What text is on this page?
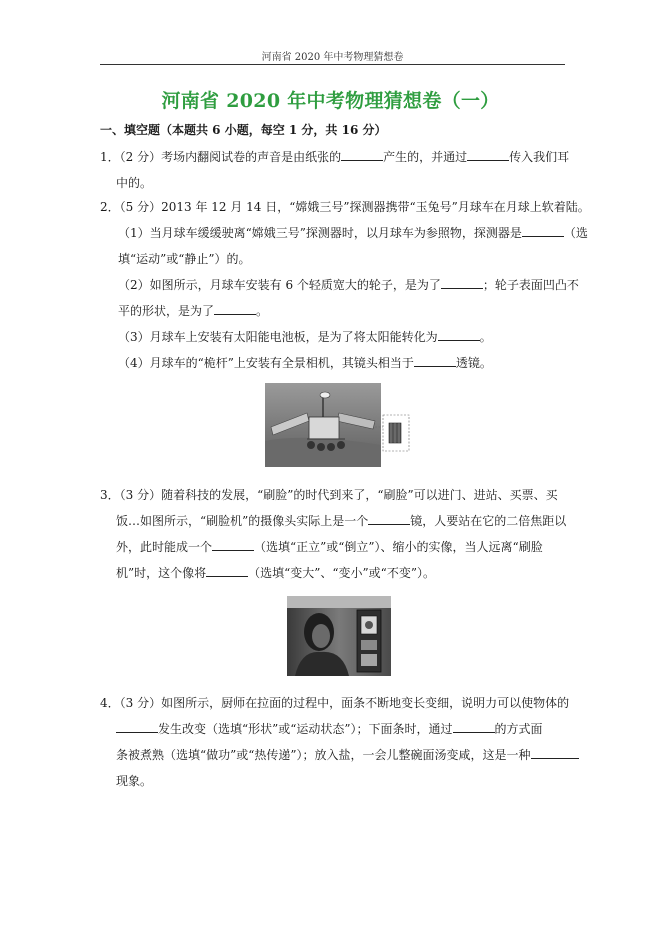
河南省 2020 年中考物理猜想卷
河南省 2020 年中考物理猜想卷（一）
一、填空题（本题共 6 小题，每空 1 分，共 16 分）
1．（2 分）考场内翻阅试卷的声音是由纸张的	产生的，并通过	传入我们耳
中的。
2．（5 分）2013 年 12 月 14 日，“嫦娥三号”探测器携带“玉兔号”月球车在月球上软着陆。
（1）当月球车缓缓驶离“嫦娥三号”探测器时，以月球车为参照物，探测器是	（选
填“运动”或“静止”）的。
（2）如图所示，月球车安装有 6 个轻质宽大的轮子，是为了	；轮子表面凹凸不
平的形状，是为了	。
（3）月球车上安装有太阳能电池板，是为了将太阳能转化为	。
（4）月球车的“桅杆”上安装有全景相机，其镜头相当于	透镜。
3．（3 分）随着科技的发展，“刷脸”的时代到来了，“刷脸”可以进门、进站、买票、买
饭…如图所示，“刷脸机”的摄像头实际上是一个	镜，人要站在它的二倍焦距以
外，此时能成一个	（选填“正立”或“倒立”）、缩小的实像，当人远离“刷脸
机”时，这个像将	（选填“变大”、“变小”或“不变”）。
4．（3 分）如图所示，厨师在拉面的过程中，面条不断地变长变细，说明力可以使物体的
发生改变（选填“形状”或“运动状态”）；下面条时，通过	的方式面
条被煮熟（选填“做功”或“热传递”）；放入盐，一会儿整碗面汤变咸，这是一种
现象。
